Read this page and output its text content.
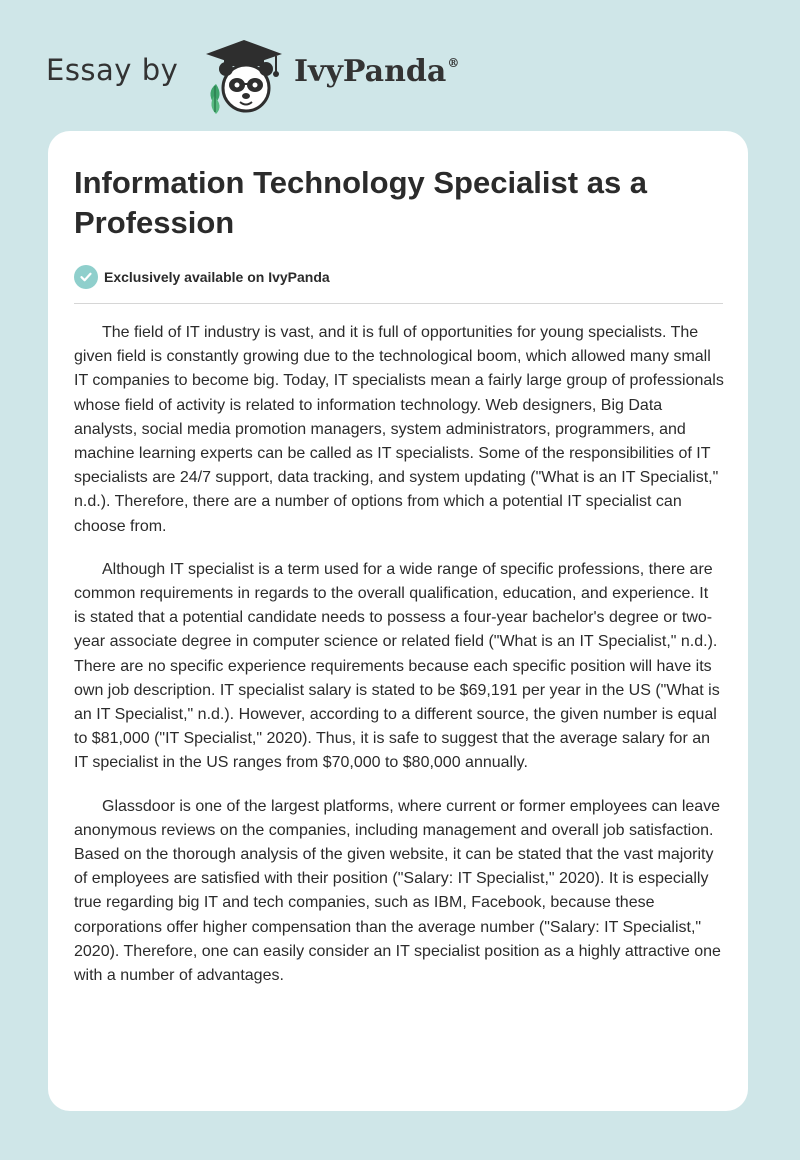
Essay by	IvyPanda®
Information Technology Specialist as a Profession
Exclusively available on IvyPanda

The field of IT industry is vast, and it is full of opportunities for young specialists. The given field is constantly growing due to the technological boom, which allowed many small IT companies to become big. Today, IT specialists mean a fairly large group of professionals whose field of activity is related to information technology. Web designers, Big Data analysts, social media promotion managers, system administrators, programmers, and machine learning experts can be called as IT specialists. Some of the responsibilities of IT specialists are 24/7 support, data tracking, and system updating ("What is an IT Specialist," n.d.). Therefore, there are a number of options from which a potential IT specialist can choose from.

Although IT specialist is a term used for a wide range of specific professions, there are common requirements in regards to the overall qualification, education, and experience. It is stated that a potential candidate needs to possess a four-year bachelor's degree or two-year associate degree in computer science or related field ("What is an IT Specialist," n.d.). There are no specific experience requirements because each specific position will have its own job description. IT specialist salary is stated to be $69,191 per year in the US ("What is an IT Specialist," n.d.). However, according to a different source, the given number is equal to $81,000 ("IT Specialist," 2020). Thus, it is safe to suggest that the average salary for an IT specialist in the US ranges from $70,000 to $80,000 annually.

Glassdoor is one of the largest platforms, where current or former employees can leave anonymous reviews on the companies, including management and overall job satisfaction. Based on the thorough analysis of the given website, it can be stated that the vast majority of employees are satisfied with their position ("Salary: IT Specialist," 2020). It is especially true regarding big IT and tech companies, such as IBM, Facebook, because these corporations offer higher compensation than the average number ("Salary: IT Specialist," 2020). Therefore, one can easily consider an IT specialist position as a highly attractive one with a number of advantages.
